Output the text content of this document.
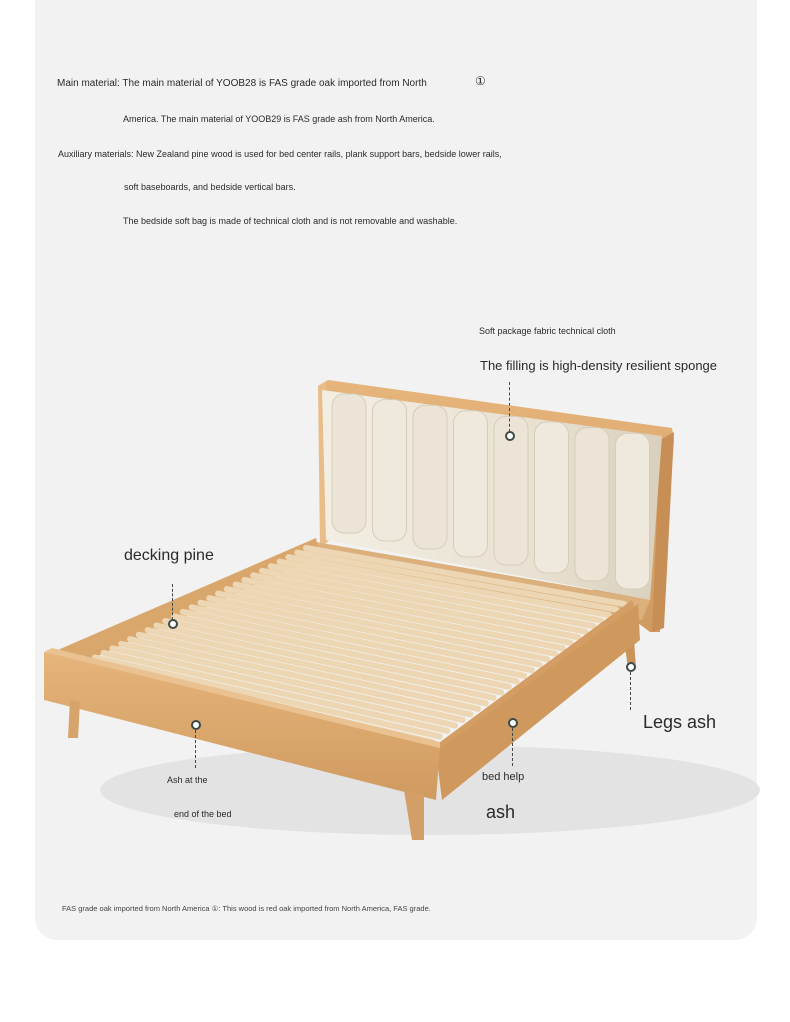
Main material: The main material of YOOB28 is FAS grade oak imported from North	①
America. The main material of YOOB29 is FAS grade ash from North America.
Auxiliary materials: New Zealand pine wood is used for bed center rails, plank support bars, bedside lower rails,
soft baseboards, and bedside vertical bars.
The bedside soft bag is made of technical cloth and is not removable and washable.
Soft package fabric technical cloth
The filling is high-density resilient sponge
decking pine
Legs ash
Ash at the
end of the bed
bed help
ash
FAS grade oak imported from North America ①: This wood is red oak imported from North America, FAS grade.
